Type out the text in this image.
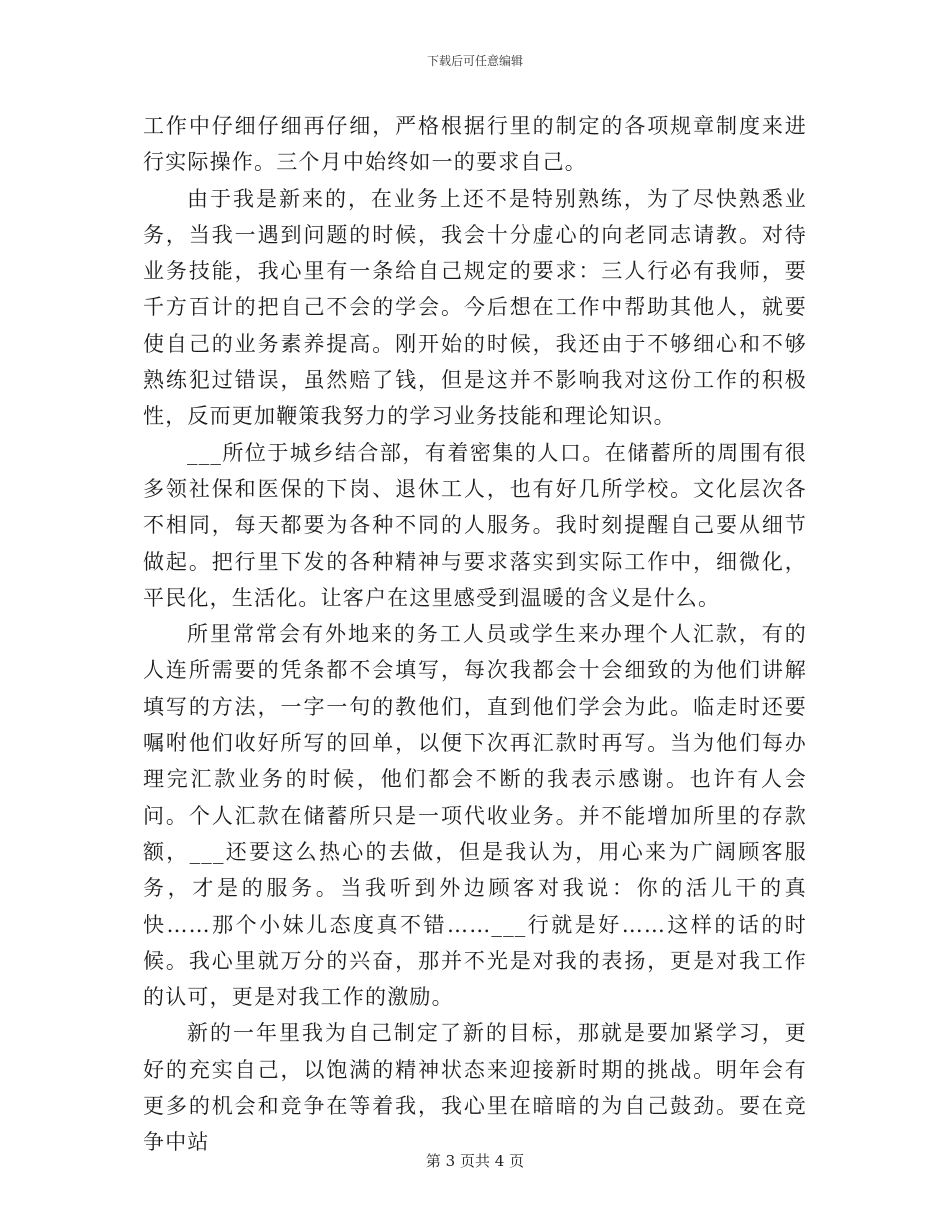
下载后可任意编辑

工作中仔细仔细再仔细，严格根据行里的制定的各项规章制度来进行实际操作。三个月中始终如一的要求自己。

由于我是新来的，在业务上还不是特别熟练，为了尽快熟悉业务，当我一遇到问题的时候，我会十分虚心的向老同志请教。对待业务技能，我心里有一条给自己规定的要求：三人行必有我师，要千方百计的把自己不会的学会。今后想在工作中帮助其他人，就要使自己的业务素养提高。刚开始的时候，我还由于不够细心和不够熟练犯过错误，虽然赔了钱，但是这并不影响我对这份工作的积极性，反而更加鞭策我努力的学习业务技能和理论知识。

___所位于城乡结合部，有着密集的人口。在储蓄所的周围有很多领社保和医保的下岗、退休工人，也有好几所学校。文化层次各不相同，每天都要为各种不同的人服务。我时刻提醒自己要从细节做起。把行里下发的各种精神与要求落实到实际工作中，细微化，平民化，生活化。让客户在这里感受到温暖的含义是什么。

所里常常会有外地来的务工人员或学生来办理个人汇款，有的人连所需要的凭条都不会填写，每次我都会十会细致的为他们讲解填写的方法，一字一句的教他们，直到他们学会为此。临走时还要嘱咐他们收好所写的回单，以便下次再汇款时再写。当为他们每办理完汇款业务的时候，他们都会不断的我表示感谢。也许有人会问。个人汇款在储蓄所只是一项代收业务。并不能增加所里的存款额，___还要这么热心的去做，但是我认为，用心来为广阔顾客服务，才是的服务。当我听到外边顾客对我说：你的活儿干的真快……那个小妹儿态度真不错……___行就是好……这样的话的时候。我心里就万分的兴奋，那并不光是对我的表扬，更是对我工作的认可，更是对我工作的激励。

新的一年里我为自己制定了新的目标，那就是要加紧学习，更好的充实自己，以饱满的精神状态来迎接新时期的挑战。明年会有更多的机会和竞争在等着我，我心里在暗暗的为自己鼓劲。要在竞争中站

第 3 页共 4 页
